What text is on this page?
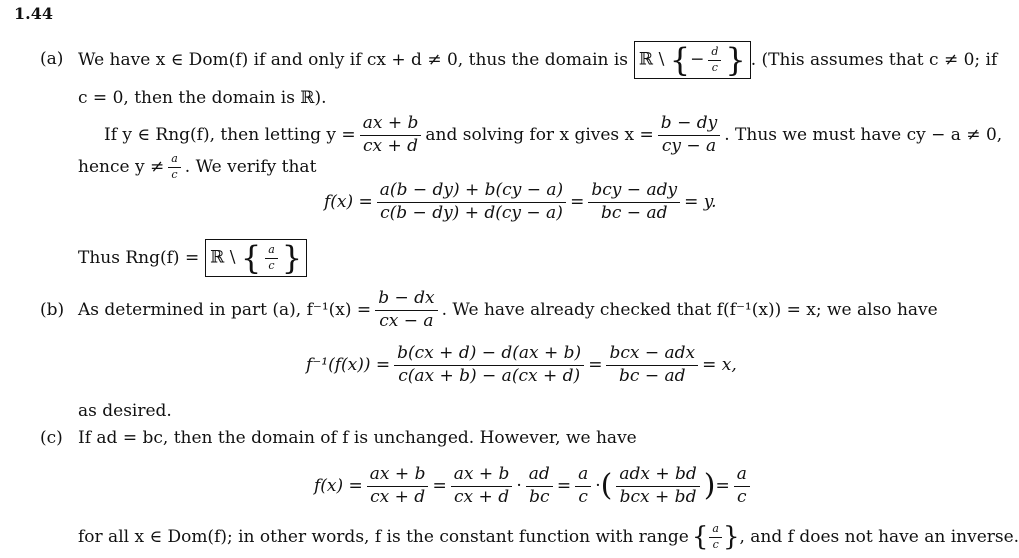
1.44
(a) We have x ∈ Dom(f) if and only if cx + d ≠ 0, thus the domain is ℝ \ {− $\frac{d}{c}$ } . (This assumes that c ≠ 0; if
c = 0, then the domain is ℝ).
If y ∈ Rng(f), then letting $y = \frac{ax + b}{cx + d}$ and solving for x gives $x = \frac{b - dy}{cy - a}$ . Thus we must have cy − a ≠ 0,
hence $y \ne \frac{a}{c}$ . We verify that
$f(x) = \frac{a(b - dy) + b(cy - a)}{c(b - dy) + d(cy - a)} = \frac{\text{bcy − ady}}{bc - ad} = y$.
Thus Rng(f) = ℝ \ { $\frac{a}{c}$ }
(b) As determined in part (a), $f^{-1}(x) = \frac{b - dx}{cx - a}$ . We have already checked that f(f⁻¹(x)) = x; we also have
$f^{-1}(f(x)) = \frac{b(cx + d) - d(ax + b)}{c(ax + b) - a(cx + d)} = \frac{\text{bcx − adx}}{bc - ad} = x$,
as desired.
(c) If ad = bc, then the domain of f is unchanged. However, we have
$f(x) = \frac{ax + b}{cx + d} = \frac{ax + b}{cx + d} \cdot \frac{ad}{bc} = \frac{a}{c}$ · ( $\frac{\text{adx + bd}}{\text{bcx + bd}}$ ) = $\frac{a}{c}$
for all x ∈ Dom(f); in other words, f is the constant function with range { $\frac{a}{c}$ } , and f does not have an inverse.
